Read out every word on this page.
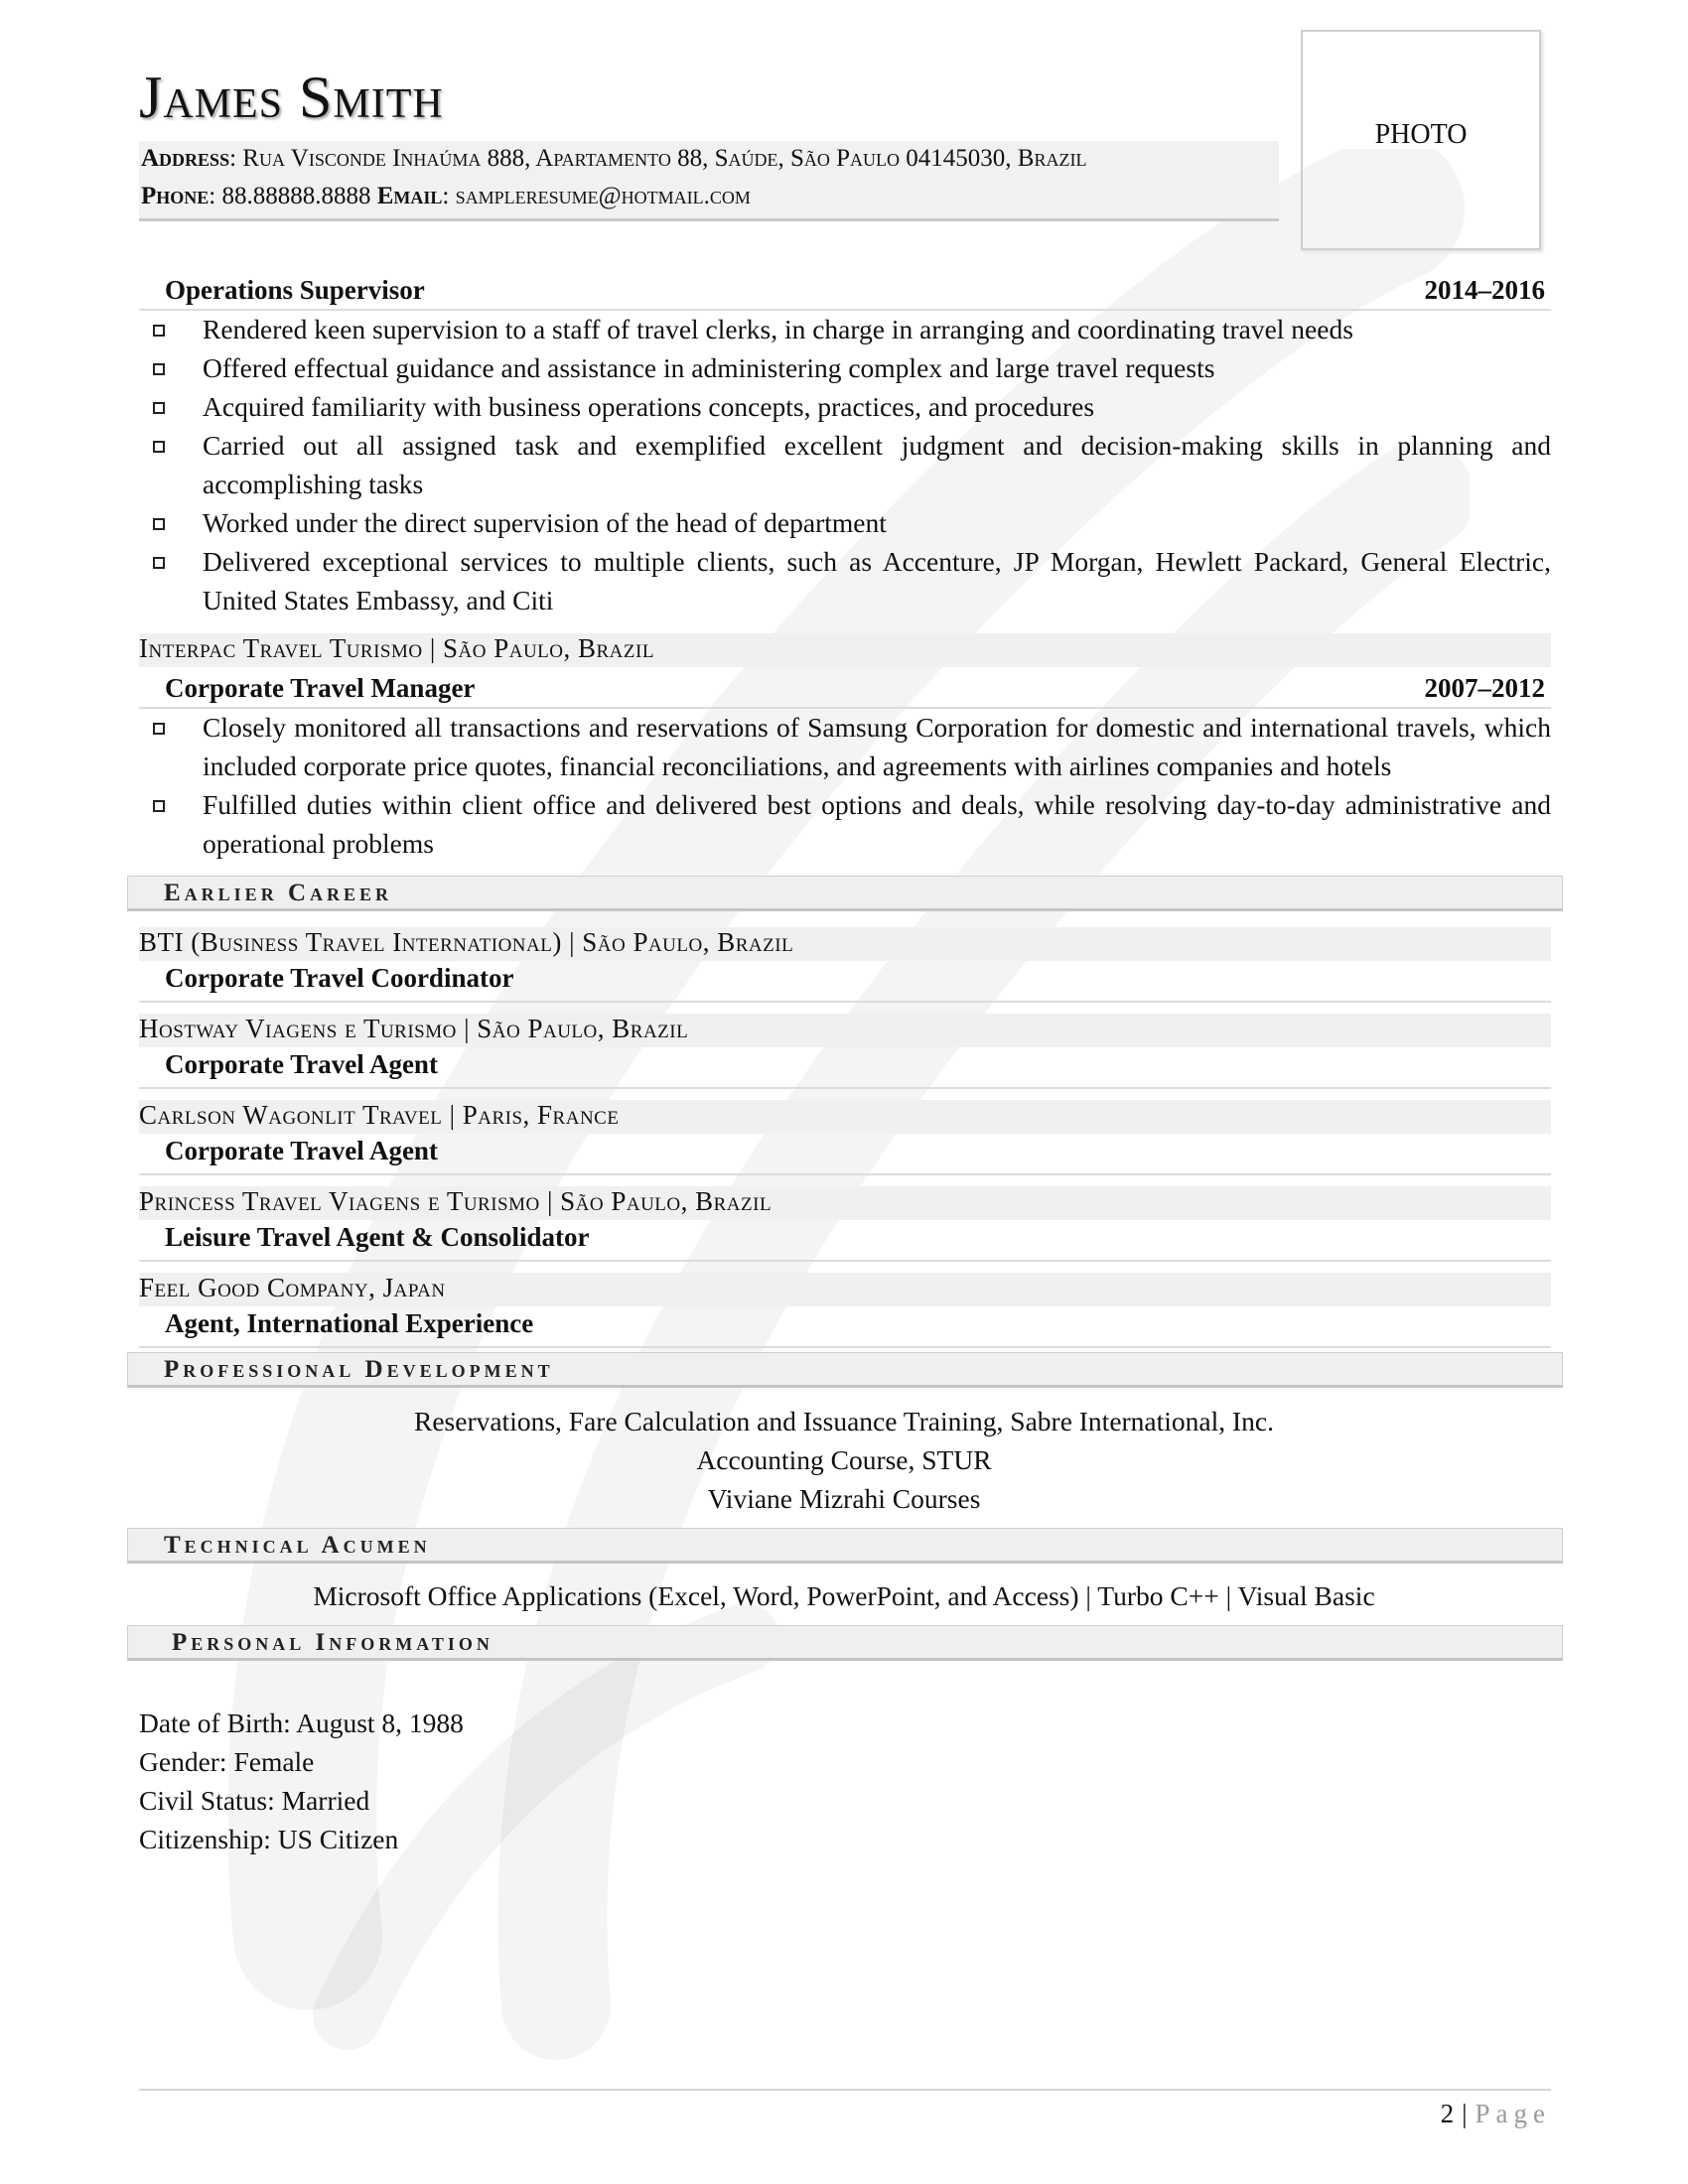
James Smith
Address: Rua Visconde Inhaúma 888, Apartamento 88, Saúde, São Paulo 04145030, Brazil
Phone: 88.88888.8888 Email: sampleresume@hotmail.com
PHOTO
Operations Supervisor	2014–2016
Rendered keen supervision to a staff of travel clerks, in charge in arranging and coordinating travel needs
Offered effectual guidance and assistance in administering complex and large travel requests
Acquired familiarity with business operations concepts, practices, and procedures
Carried out all assigned task and exemplified excellent judgment and decision-making skills in planning and accomplishing tasks
Worked under the direct supervision of the head of department
Delivered exceptional services to multiple clients, such as Accenture, JP Morgan, Hewlett Packard, General Electric, United States Embassy, and Citi
Interpac Travel Turismo | São Paulo, Brazil
Corporate Travel Manager	2007–2012
Closely monitored all transactions and reservations of Samsung Corporation for domestic and international travels, which included corporate price quotes, financial reconciliations, and agreements with airlines companies and hotels
Fulfilled duties within client office and delivered best options and deals, while resolving day-to-day administrative and operational problems
Earlier Career
BTI (Business Travel International) | São Paulo, Brazil
Corporate Travel Coordinator
Hostway Viagens e Turismo | São Paulo, Brazil
Corporate Travel Agent
Carlson Wagonlit Travel | Paris, France
Corporate Travel Agent
Princess Travel Viagens e Turismo | São Paulo, Brazil
Leisure Travel Agent & Consolidator
Feel Good Company, Japan
Agent, International Experience
Professional Development
Reservations, Fare Calculation and Issuance Training, Sabre International, Inc.
Accounting Course, STUR
Viviane Mizrahi Courses
Technical Acumen
Microsoft Office Applications (Excel, Word, PowerPoint, and Access) | Turbo C++ | Visual Basic
Personal Information
Date of Birth: August 8, 1988
Gender: Female
Civil Status: Married
Citizenship: US Citizen
2 | Page
